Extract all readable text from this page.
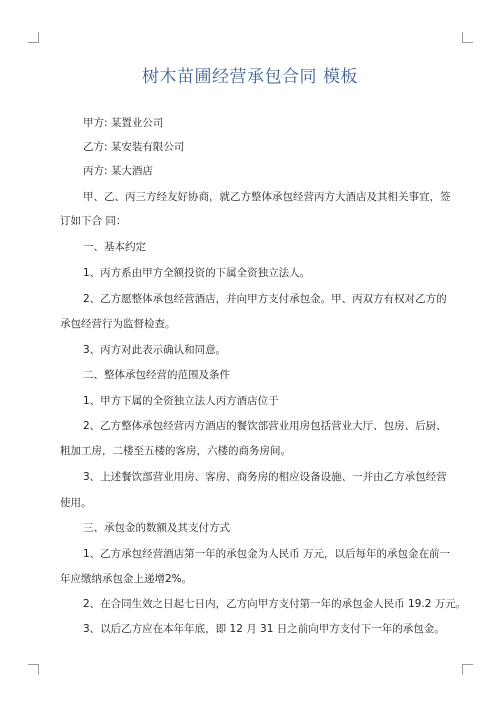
树木苗圃经营承包合同 模板
甲方: 某置业公司
乙方: 某安装有限公司
丙方: 某大酒店
甲、乙、丙三方经友好协商，就乙方整体承包经营丙方大酒店及其相关事宜，签
订如下合 同：
一、基本约定
1、丙方系由甲方全额投资的下属全资独立法人。
2、乙方愿整体承包经营酒店，并向甲方支付承包金。甲、丙双方有权对乙方的
承包经营行为监督检查。
3、丙方对此表示确认和同意。
二、整体承包经营的范围及条件
1、甲方下属的全资独立法人丙方酒店位于
2、乙方整体承包经营丙方酒店的餐饮部营业用房包括营业大厅、包房、后厨、
粗加工房，二楼至五楼的客房，六楼的商务房间。
3、上述餐饮部营业用房、客房、商务房的相应设备设施、一并由乙方承包经营
使用。
三、承包金的数额及其支付方式
1、乙方承包经营酒店第一年的承包金为人民币 万元，以后每年的承包金在前一
年应缴纳承包金上递增2%。
2、在合同生效之日起七日内，乙方向甲方支付第一年的承包金人民币 19.2 万元。
3、以后乙方应在本年年底，即 12 月 31 日之前向甲方支付下一年的承包金。
